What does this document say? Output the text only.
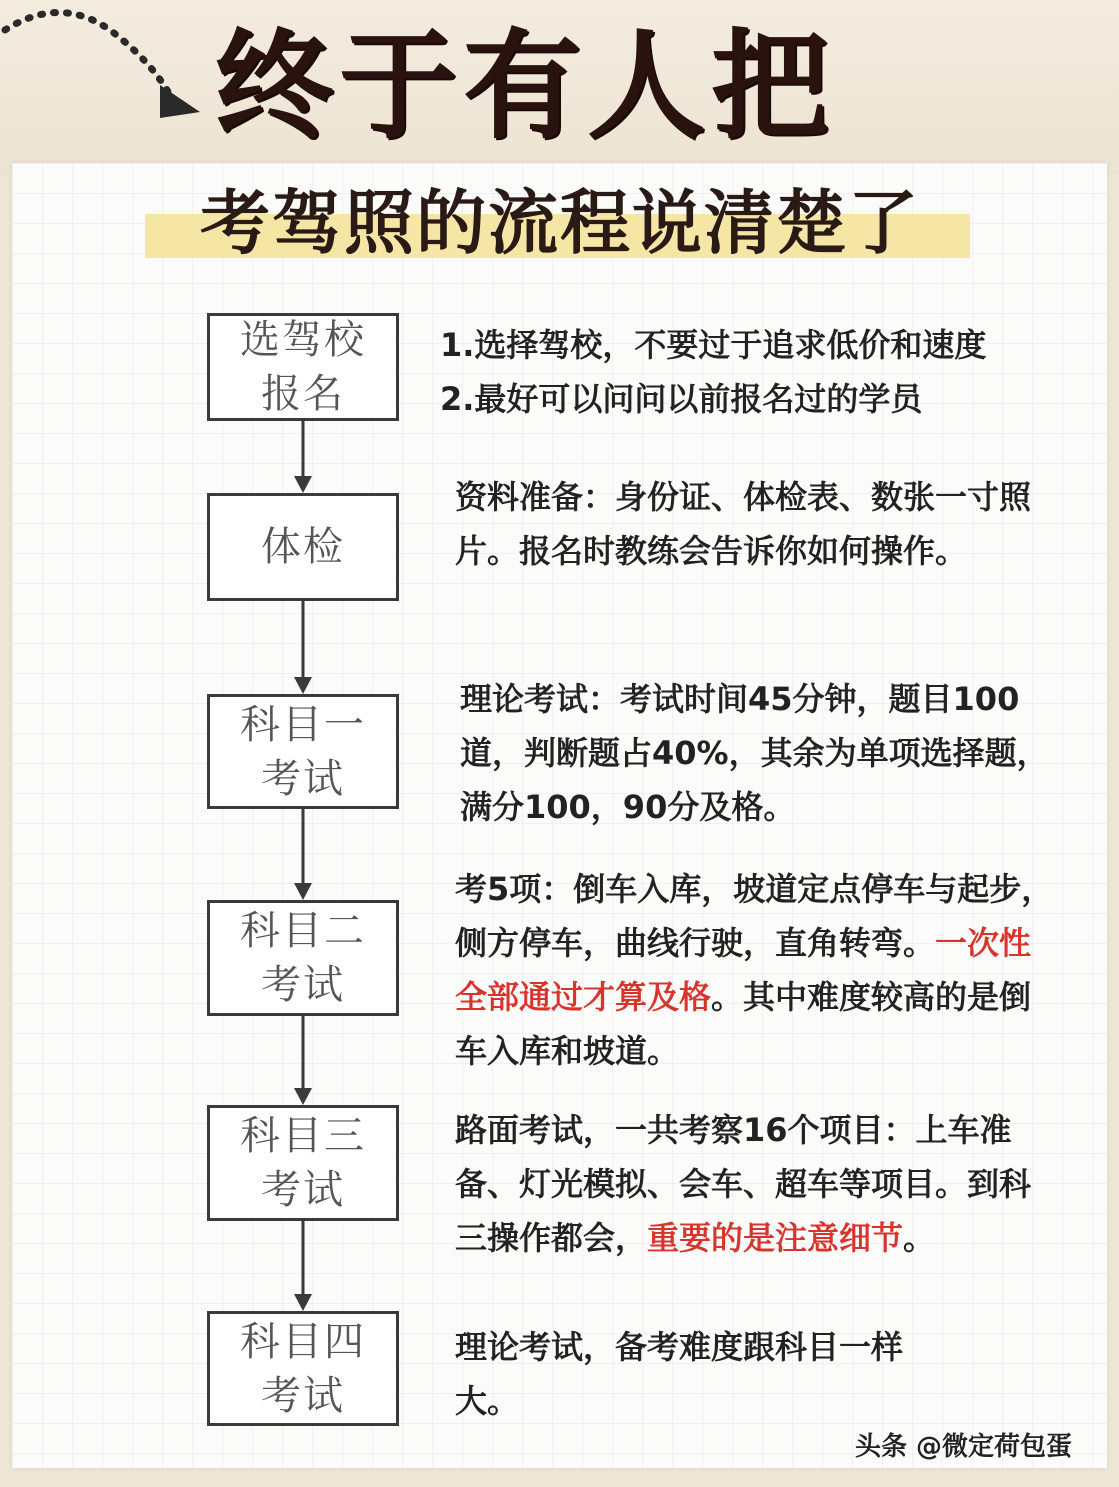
终于有人把
考驾照的流程说清楚了
选驾校报名

1.选择驾校，不要过于追求低价和速度

2.最好可以问问以前报名过的学员

体检
资料准备：身份证、体检表、数张一寸照片。报名时教练会告诉你如何操作。
科目一考试
理论考试：考试时间45分钟，题目100道，判断题占40%，其余为单项选择题，满分100，90分及格。
科目二考试
考5项：倒车入库，坡道定点停车与起步，侧方停车，曲线行驶，直角转弯。一次性全部通过才算及格。其中难度较高的是倒车入库和坡道。
科目三考试
路面考试，一共考察16个项目：上车准备、灯光模拟、会车、超车等项目。到科三操作都会，重要的是注意细节。
科目四考试
理论考试，备考难度跟科目一样大。
头条 @微定荷包蛋
